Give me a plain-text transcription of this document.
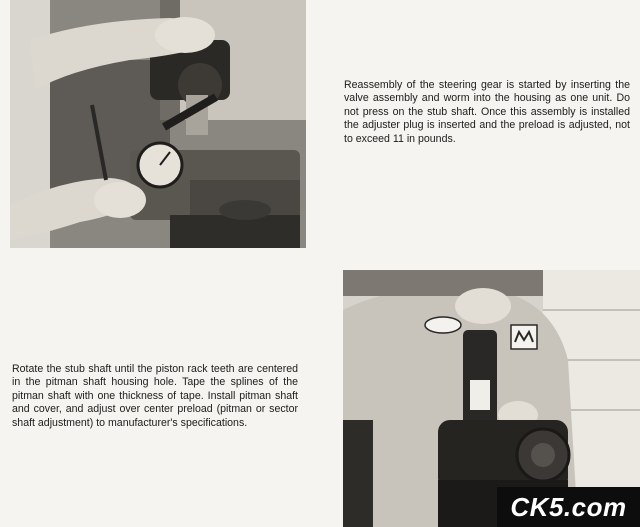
Reassembly of the steering gear is started by inserting the valve assembly and worm into the housing as one unit. Do not press on the stub shaft. Once this assembly is installed the adjuster plug is inserted and the preload is adjusted, not to exceed 11 in pounds.

Rotate the stub shaft until the piston rack teeth are centered in the pitman shaft housing hole. Tape the splines of the pitman shaft with one thickness of tape. Install pitman shaft and cover, and adjust over center preload (pitman or sector shaft adjustment) to manufacturer's specifications.

CK5.com
